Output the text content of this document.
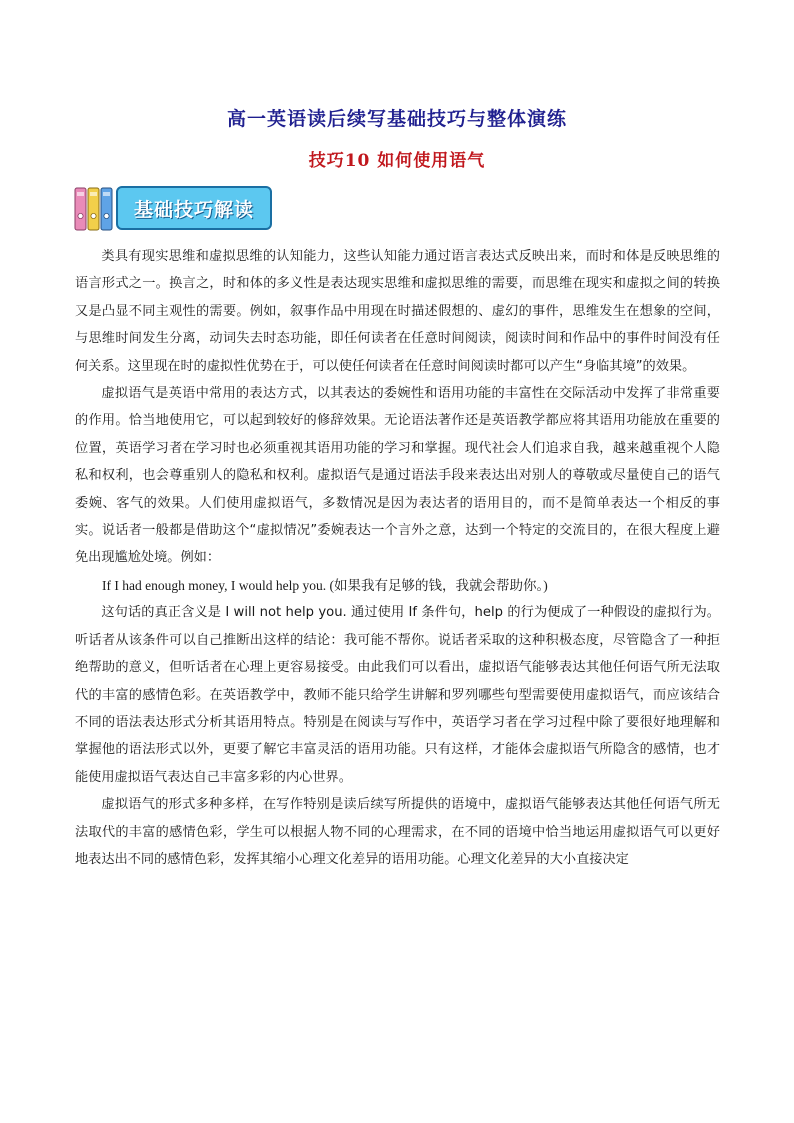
高一英语读后续写基础技巧与整体演练
技巧10 如何使用语气
基础技巧解读

类具有现实思维和虚拟思维的认知能力，这些认知能力通过语言表达式反映出来，而时和体是反映思维的语言形式之一。换言之，时和体的多义性是表达现实思维和虚拟思维的需要，而思维在现实和虚拟之间的转换又是凸显不同主观性的需要。例如，叙事作品中用现在时描述假想的、虚幻的事件，思维发生在想象的空间，与思维时间发生分离，动词失去时态功能，即任何读者在任意时间阅读，阅读时间和作品中的事件时间没有任何关系。这里现在时的虚拟性优势在于，可以使任何读者在任意时间阅读时都可以产生“身临其境”的效果。

虚拟语气是英语中常用的表达方式，以其表达的委婉性和语用功能的丰富性在交际活动中发挥了非常重要的作用。恰当地使用它，可以起到较好的修辞效果。无论语法著作还是英语教学都应将其语用功能放在重要的位置，英语学习者在学习时也必须重视其语用功能的学习和掌握。现代社会人们追求自我，越来越重视个人隐私和权利，也会尊重别人的隐私和权利。虚拟语气是通过语法手段来表达出对别人的尊敬或尽量使自己的语气委婉、客气的效果。人们使用虚拟语气，多数情况是因为表达者的语用目的，而不是简单表达一个相反的事实。说话者一般都是借助这个“虚拟情况”委婉表达一个言外之意，达到一个特定的交流目的，在很大程度上避免出现尴尬处境。例如：

If I had enough money, I would help you. (如果我有足够的钱，我就会帮助你。)

这句话的真正含义是 I will not help you. 通过使用 If 条件句，help 的行为便成了一种假设的虚拟行为。听话者从该条件可以自己推断出这样的结论：我可能不帮你。说话者采取的这种积极态度，尽管隐含了一种拒绝帮助的意义，但听话者在心理上更容易接受。由此我们可以看出，虚拟语气能够表达其他任何语气所无法取代的丰富的感情色彩。在英语教学中，教师不能只给学生讲解和罗列哪些句型需要使用虚拟语气，而应该结合不同的语法表达形式分析其语用特点。特别是在阅读与写作中，英语学习者在学习过程中除了要很好地理解和掌握他的语法形式以外，更要了解它丰富灵活的语用功能。只有这样，才能体会虚拟语气所隐含的感情，也才能使用虚拟语气表达自己丰富多彩的内心世界。

虚拟语气的形式多种多样，在写作特别是读后续写所提供的语境中，虚拟语气能够表达其他任何语气所无法取代的丰富的感情色彩，学生可以根据人物不同的心理需求，在不同的语境中恰当地运用虚拟语气可以更好地表达出不同的感情色彩，发挥其缩小心理文化差异的语用功能。心理文化差异的大小直接决定
